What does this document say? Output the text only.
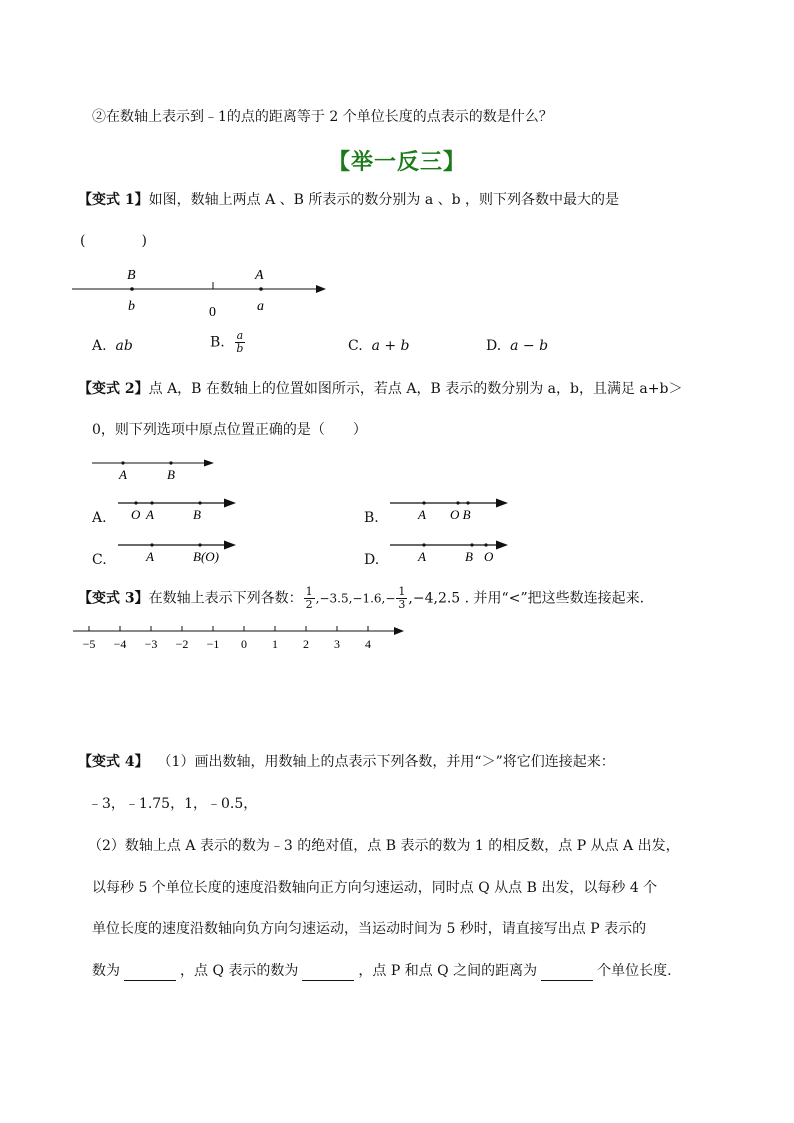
②在数轴上表示到﹣1的点的距离等于 2 个单位长度的点表示的数是什么？
【举一反三】
【变式 1】如图，数轴上两点 A 、B 所表示的数分别为 a 、b ，则下列各数中最大的是
(　　　　)
B
b
A
a
0
A. ab	B. $\frac{a}{b}$	C. a + b	D. a − b
【变式 2】点 A，B 在数轴上的位置如图所示，若点 A，B 表示的数分别为 a，b，且满足 a+b＞
0，则下列选项中原点位置正确的是（　　）
A	B
A. O A	B	B.	A O B
C.	A	B(O)	D.	A	B O
【变式 3】在数轴上表示下列各数： $\frac{1}{2} ,-3.5,-1.6,- \frac{1}{3} ,-4,2.5$ . 并用“<”把这些数连接起来.
−5 −4 −3 −2 −1 0 1 2 3 4
【变式 4】 （1）画出数轴，用数轴上的点表示下列各数，并用“＞”将它们连接起来：
﹣3，﹣1.75，1，﹣0.5，
（2）数轴上点 A 表示的数为﹣3 的绝对值，点 B 表示的数为 1 的相反数，点 P 从点 A 出发，
以每秒 5 个单位长度的速度沿数轴向正方向匀速运动，同时点 Q 从点 B 出发，以每秒 4 个
单位长度的速度沿数轴向负方向匀速运动，当运动时间为 5 秒时，请直接写出点 P 表示的
数为	，点 Q 表示的数为	，点 P 和点 Q 之间的距离为	个单位长度.
